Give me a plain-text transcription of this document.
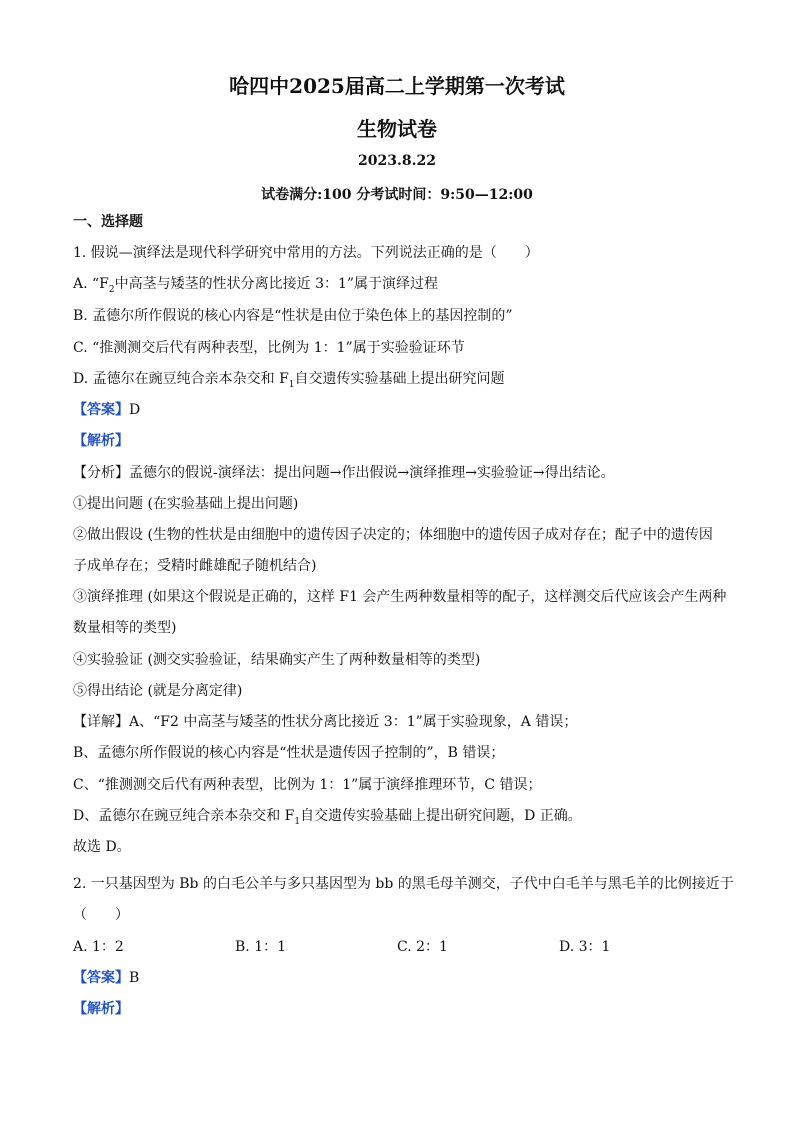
哈四中2025届高二上学期第一次考试
生物试卷
2023.8.22
试卷满分:100 分考试时间：9:50—12:00
一、选择题
1. 假说—演绎法是现代科学研究中常用的方法。下列说法正确的是（　　）
A. “$F_2$中高茎与矮茎的性状分离比接近 3：1”属于演绎过程
B. 孟德尔所作假说的核心内容是“性状是由位于染色体上的基因控制的”
C. “推测测交后代有两种表型，比例为 1：1”属于实验验证环节
D. 孟德尔在豌豆纯合亲本杂交和 $F_1$自交遗传实验基础上提出研究问题
【答案】D
【解析】
【分析】孟德尔的假说-演绎法：提出问题→作出假说→演绎推理→实验验证→得出结论。
①提出问题 (在实验基础上提出问题)
②做出假设 (生物的性状是由细胞中的遗传因子决定的；体细胞中的遗传因子成对存在；配子中的遗传因
子成单存在；受精时雌雄配子随机结合)
③演绎推理 (如果这个假说是正确的，这样 F1 会产生两种数量相等的配子，这样测交后代应该会产生两种
数量相等的类型)
④实验验证 (测交实验验证，结果确实产生了两种数量相等的类型)
⑤得出结论 (就是分离定律)
【详解】A、“F2 中高茎与矮茎的性状分离比接近 3：1”属于实验现象，A 错误；
B、孟德尔所作假说的核心内容是“性状是遗传因子控制的”，B 错误；
C、“推测测交后代有两种表型，比例为 1：1”属于演绎推理环节，C 错误；
D、孟德尔在豌豆纯合亲本杂交和 $F_1$自交遗传实验基础上提出研究问题，D 正确。
故选 D。
2. 一只基因型为 Bb 的白毛公羊与多只基因型为 bb 的黑毛母羊测交，子代中白毛羊与黑毛羊的比例接近于
（　　）
A. 1：2	B. 1：1	C. 2：1	D. 3：1
【答案】B
【解析】
